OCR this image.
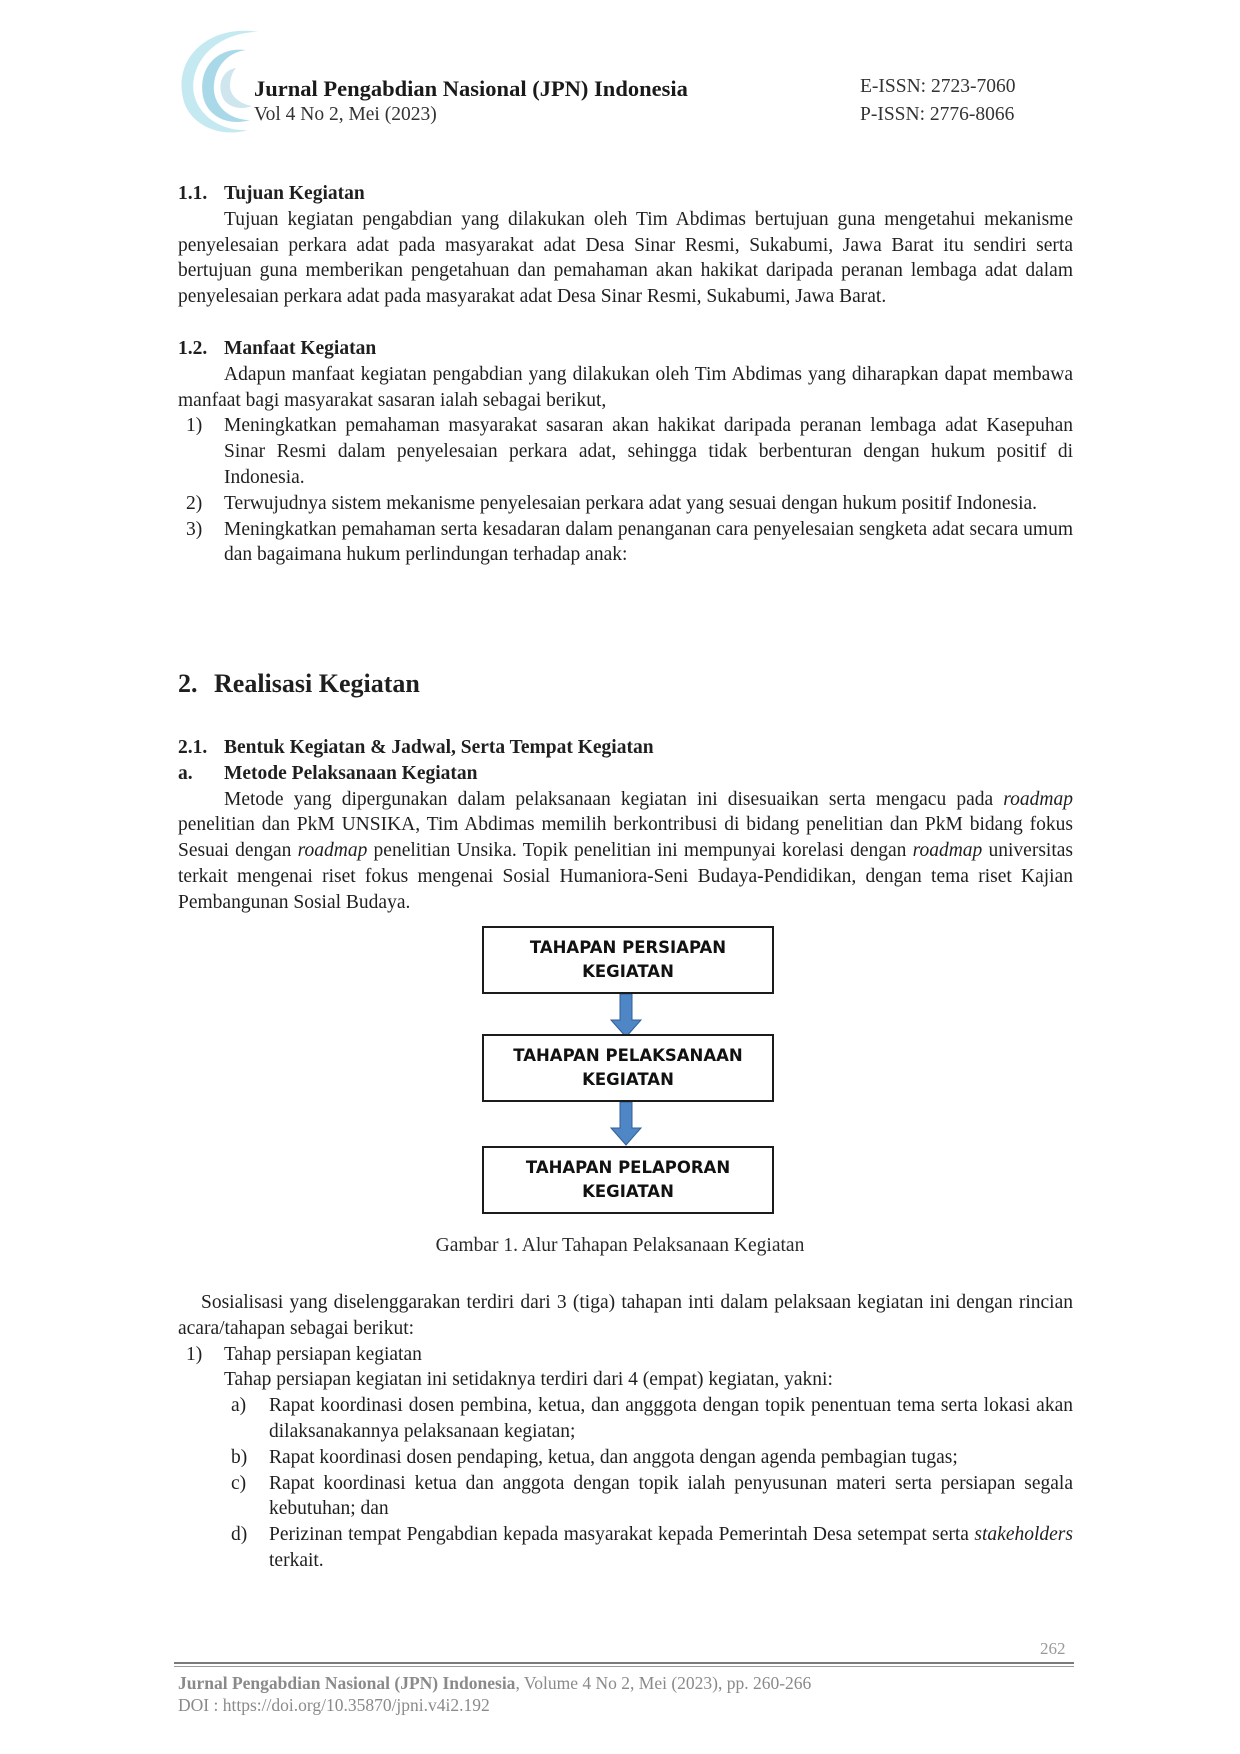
Jurnal Pengabdian Nasional (JPN) Indonesia
Vol 4 No 2, Mei (2023)
E-ISSN: 2723-7060
P-ISSN: 2776-8066
1.1. Tujuan Kegiatan

Tujuan kegiatan pengabdian yang dilakukan oleh Tim Abdimas bertujuan guna mengetahui mekanisme penyelesaian perkara adat pada masyarakat adat Desa Sinar Resmi, Sukabumi, Jawa Barat itu sendiri serta bertujuan guna memberikan pengetahuan dan pemahaman akan hakikat daripada peranan lembaga adat dalam penyelesaian perkara adat pada masyarakat adat Desa Sinar Resmi, Sukabumi, Jawa Barat.

1.2. Manfaat Kegiatan

Adapun manfaat kegiatan pengabdian yang dilakukan oleh Tim Abdimas yang diharapkan dapat membawa manfaat bagi masyarakat sasaran ialah sebagai berikut,

1) Meningkatkan pemahaman masyarakat sasaran akan hakikat daripada peranan lembaga adat Kasepuhan Sinar Resmi dalam penyelesaian perkara adat, sehingga tidak berbenturan dengan hukum positif di Indonesia.
2) Terwujudnya sistem mekanisme penyelesaian perkara adat yang sesuai dengan hukum positif Indonesia.
3) Meningkatkan pemahaman serta kesadaran dalam penanganan cara penyelesaian sengketa adat secara umum dan bagaimana hukum perlindungan terhadap anak:
2. Realisasi Kegiatan
2.1. Bentuk Kegiatan & Jadwal, Serta Tempat Kegiatan
a. Metode Pelaksanaan Kegiatan

Metode yang dipergunakan dalam pelaksanaan kegiatan ini disesuaikan serta mengacu pada roadmap penelitian dan PkM UNSIKA, Tim Abdimas memilih berkontribusi di bidang penelitian dan PkM bidang fokus Sesuai dengan roadmap penelitian Unsika. Topik penelitian ini mempunyai korelasi dengan roadmap universitas terkait mengenai riset fokus mengenai Sosial Humaniora-Seni Budaya-Pendidikan, dengan tema riset Kajian Pembangunan Sosial Budaya.

TAHAPAN PERSIAPAN
KEGIATAN
TAHAPAN PELAKSANAAN
KEGIATAN
TAHAPAN PELAPORAN
KEGIATAN
Gambar 1. Alur Tahapan Pelaksanaan Kegiatan

Sosialisasi yang diselenggarakan terdiri dari 3 (tiga) tahapan inti dalam pelaksaan kegiatan ini dengan rincian acara/tahapan sebagai berikut:

1) Tahap persiapan kegiatan

Tahap persiapan kegiatan ini setidaknya terdiri dari 4 (empat) kegiatan, yakni:

a) Rapat koordinasi dosen pembina, ketua, dan angggota dengan topik penentuan tema serta lokasi akan dilaksanakannya pelaksanaan kegiatan;
b) Rapat koordinasi dosen pendaping, ketua, dan anggota dengan agenda pembagian tugas;
c) Rapat koordinasi ketua dan anggota dengan topik ialah penyusunan materi serta persiapan segala kebutuhan; dan
d) Perizinan tempat Pengabdian kepada masyarakat kepada Pemerintah Desa setempat serta stakeholders terkait.
262
Jurnal Pengabdian Nasional (JPN) Indonesia, Volume 4 No 2, Mei (2023), pp. 260-266
DOI : https://doi.org/10.35870/jpni.v4i2.192
